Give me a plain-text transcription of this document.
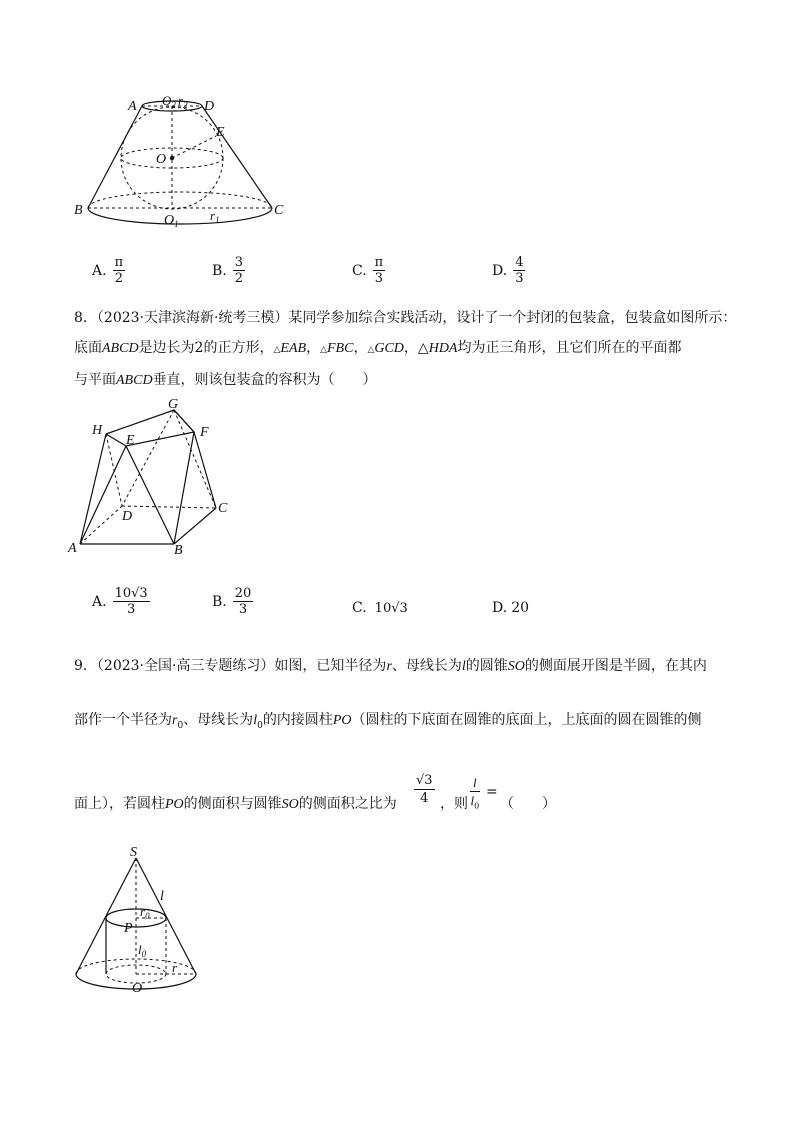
A	D
$O_2$ $r_2$
E
O
B
$O_1$
$r_1$
C
A. $\frac{\pi}{2}$	B. $\frac{3}{2}$	C. $\frac{\pi}{3}$	D. $\frac{4}{3}$
8．（2023·天津滨海新·统考三模）某同学参加综合实践活动，设计了一个封闭的包装盒，包装盒如图所示：
底面ABCD是边长为2的正方形，△EAB，△FBC，△GCD，△HDA均为正三角形，且它们所在的平面都
与平面ABCD垂直，则该包装盒的容积为（　　）
G
H
E
F
D
C
A	B
A. $\frac{10√3}{3}$	B. $\frac{20}{3}$	C. 10√3	D. 20
9．（2023·全国·高三专题练习）如图，已知半径为r、母线长为l的圆锥SO的侧面展开图是半圆，在其内
部作一个半径为$r_0$、母线长为$l_0$的内接圆柱PO（圆柱的下底面在圆锥的底面上，上底面的圆在圆锥的侧
面上），若圆柱PO的侧面积与圆锥SO的侧面积之比为
√3
4 ，则
l
$l_0$
=
（　　）
S
l
$r_0$
P
$l_0$
r
O
